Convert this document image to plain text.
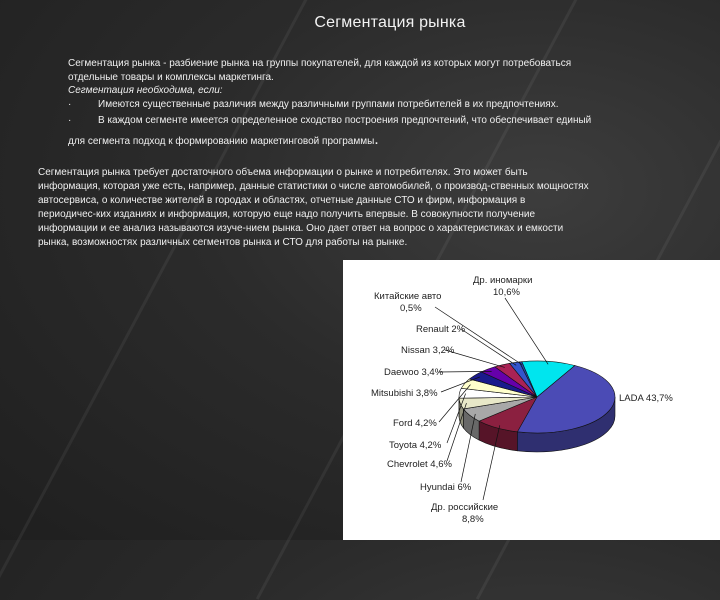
Сегментация рынка
Сегментация рынка - разбиение рынка на группы покупателей, для каждой из которых могут потребоваться
отдельные товары и комплексы маркетинга.
Сегментация необходима, если:
·	Имеются существенные различия между различными группами потребителей в их предпочтениях.
·	В каждом сегменте имеется определенное сходство построения предпочтений, что обеспечивает единый
для сегмента подход к формированию маркетинговой программы.
Сегментация рынка требует достаточного объема информации о рынке и потребителях. Это может быть
информация, которая уже есть, например, данные статистики о числе автомобилей, о производ-ственных мощностях
автосервиса, о количестве жителей в городах и областях, отчетные данные СТО и фирм, информация в
периодичес-ких изданиях и информация, которую еще надо получить впервые. В совокупности получение
информации и ее анализ называются изуче-нием рынка. Оно дает ответ на вопрос о характеристиках и емкости
рынка, возможностях различных сегментов рынка и СТО для работы на рынке.
LADA 43,7%
Др. российские
8,8%
Hyundai 6%
Chevrolet 4,6%
Toyota 4,2%
Ford 4,2%
Mitsubishi 3,8%
Daewoo 3,4%
Nissan 3,2%
Renault 2%
Китайские авто
0,5%
Др. иномарки
10,6%
